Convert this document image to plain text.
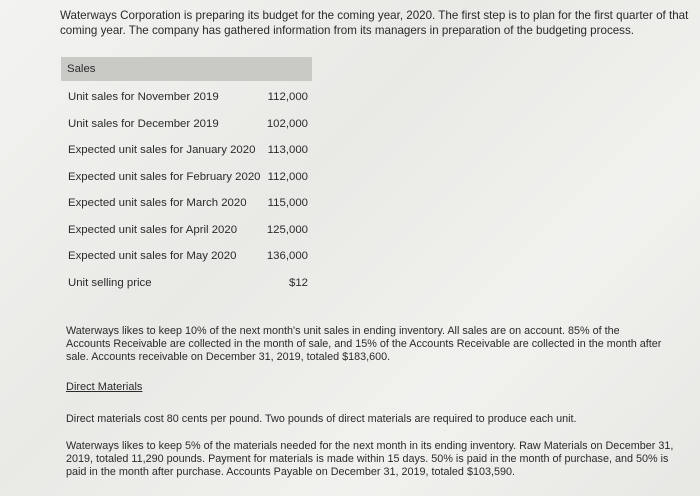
Waterways Corporation is preparing its budget for the coming year, 2020. The first step is to plan for the first quarter of that coming year. The company has gathered information from its managers in preparation of the budgeting process.
Sales
Unit sales for November 2019	112,000
Unit sales for December 2019	102,000
Expected unit sales for January 2020 113,000
Expected unit sales for February 2020 112,000
Expected unit sales for March 2020 115,000
Expected unit sales for April 2020	125,000
Expected unit sales for May 2020	136,000
Unit selling price	$12
Waterways likes to keep 10% of the next month's unit sales in ending inventory. All sales are on account. 85% of the Accounts Receivable are collected in the month of sale, and 15% of the Accounts Receivable are collected in the month after sale. Accounts receivable on December 31, 2019, totaled $183,600.
Direct Materials
Direct materials cost 80 cents per pound. Two pounds of direct materials are required to produce each unit.
Waterways likes to keep 5% of the materials needed for the next month in its ending inventory. Raw Materials on December 31, 2019, totaled 11,290 pounds. Payment for materials is made within 15 days. 50% is paid in the month of purchase, and 50% is paid in the month after purchase. Accounts Payable on December 31, 2019, totaled $103,590.
